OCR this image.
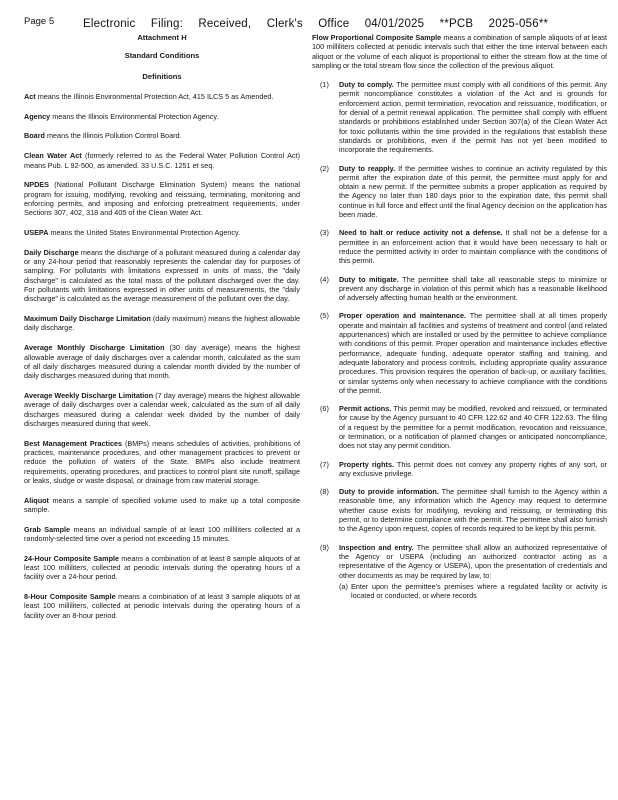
Page 5	Electronic Filing: Received, Clerk's Office 04/01/2025 **PCB 2025-056**

Attachment H

Standard Conditions

Definitions

Act means the Illinois Environmental Protection Act, 415 ILCS 5 as Amended.

Agency means the Illinois Environmental Protection Agency.

Board means the Illinois Pollution Control Board.

Clean Water Act (formerly referred to as the Federal Water Pollution Control Act) means Pub. L 92-500, as amended. 33 U.S.C. 1251 et seq.

NPDES (National Pollutant Discharge Elimination System) means the national program for issuing, modifying, revoking and reissuing, terminating, monitoring and enforcing permits, and imposing and enforcing pretreatment requirements, under Sections 307, 402, 318 and 405 of the Clean Water Act.

USEPA means the United States Environmental Protection Agency.

Daily Discharge means the discharge of a pollutant measured during a calendar day or any 24-hour period that reasonably represents the calendar day for purposes of sampling. For pollutants with limitations expressed in units of mass, the "daily discharge" is calculated as the total mass of the pollutant discharged over the day. For pollutants with limitations expressed in other units of measurements, the "daily discharge" is calculated as the average measurement of the pollutant over the day.

Maximum Daily Discharge Limitation (daily maximum) means the highest allowable daily discharge.

Average Monthly Discharge Limitation (30 day average) means the highest allowable average of daily discharges over a calendar month, calculated as the sum of all daily discharges measured during a calendar month divided by the number of daily discharges measured during that month.

Average Weekly Discharge Limitation (7 day average) means the highest allowable average of daily discharges over a calendar week, calculated as the sum of all daily discharges measured during a calendar week divided by the number of daily discharges measured during that week.

Best Management Practices (BMPs) means schedules of activities, prohibitions of practices, maintenance procedures, and other management practices to prevent or reduce the pollution of waters of the State. BMPs also include treatment requirements, operating procedures, and practices to control plant site runoff, spillage or leaks, sludge or waste disposal, or drainage from raw material storage.

Aliquot means a sample of specified volume used to make up a total composite sample.

Grab Sample means an individual sample of at least 100 milliliters collected at a randomly-selected time over a period not exceeding 15 minutes.

24-Hour Composite Sample means a combination of at least 8 sample aliquots of at least 100 milliliters, collected at periodic intervals during the operating hours of a facility over a 24-hour period.

8-Hour Composite Sample means a combination of at least 3 sample aliquots of at least 100 milliliters, collected at periodic intervals during the operating hours of a facility over an 8-hour period.

Flow Proportional Composite Sample means a combination of sample aliquots of at least 100 milliliters collected at periodic intervals such that either the time interval between each aliquot or the volume of each aliquot is proportional to either the stream flow at the time of sampling or the total stream flow since the collection of the previous aliquot.

(1) Duty to comply. The permittee must comply with all conditions of this permit. Any permit noncompliance constitutes a violation of the Act and is grounds for enforcement action, permit termination, revocation and reissuance, modification, or for denial of a permit renewal application. The permittee shall comply with effluent standards or prohibitions established under Section 307(a) of the Clean Water Act for toxic pollutants within the time provided in the regulations that establish these standards or prohibitions, even if the permit has not yet been modified to incorporate the requirements.
(2) Duty to reapply. If the permittee wishes to continue an activity regulated by this permit after the expiration date of this permit, the permittee must apply for and obtain a new permit. If the permittee submits a proper application as required by the Agency no later than 180 days prior to the expiration date, this permit shall continue in full force and effect until the final Agency decision on the application has been made.
(3) Need to halt or reduce activity not a defense. It shall not be a defense for a permittee in an enforcement action that it would have been necessary to halt or reduce the permitted activity in order to maintain compliance with the conditions of this permit.
(4) Duty to mitigate. The permittee shall take all reasonable steps to minimize or prevent any discharge in violation of this permit which has a reasonable likelihood of adversely affecting human health or the environment.
(5) Proper operation and maintenance. The permittee shall at all times properly operate and maintain all facilities and systems of treatment and control (and related appurtenances) which are installed or used by the permittee to achieve compliance with conditions of this permit. Proper operation and maintenance includes effective performance, adequate funding, adequate operator staffing and training, and adequate laboratory and process controls, including appropriate quality assurance procedures. This provision requires the operation of back-up, or auxiliary facilities, or similar systems only when necessary to achieve compliance with the conditions of the permit.
(6) Permit actions. This permit may be modified, revoked and reissued, or terminated for cause by the Agency pursuant to 40 CFR 122.62 and 40 CFR 122.63. The filing of a request by the permittee for a permit modification, revocation and reissuance, or termination, or a notification of planned changes or anticipated noncompliance, does not stay any permit condition.
(7) Property rights. This permit does not convey any property rights of any sort, or any exclusive privilege.
(8) Duty to provide information. The permittee shall furnish to the Agency within a reasonable time, any information which the Agency may request to determine whether cause exists for modifying, revoking and reissuing, or terminating this permit, or to determine compliance with the permit. The permittee shall also furnish to the Agency upon request, copies of records required to be kept by this permit.
(9) Inspection and entry. The permittee shall allow an authorized representative of the Agency or USEPA (including an authorized contractor acting as a representative of the Agency or USEPA), upon the presentation of credentials and other documents as may be required by law, to:
(a) Enter upon the permittee's premises where a regulated facility or activity is located or conducted, or where records
